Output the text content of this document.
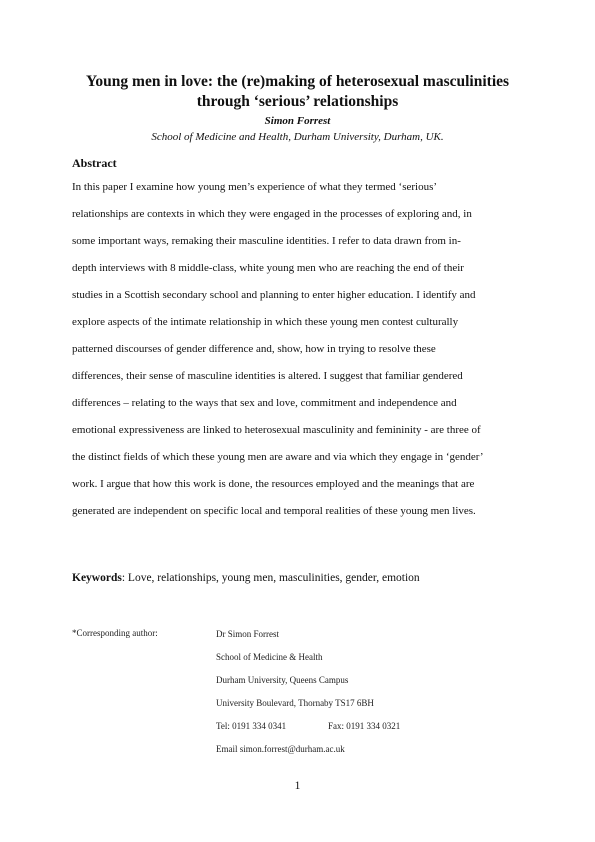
Young men in love: the (re)making of heterosexual masculinities
through ‘serious’ relationships
Simon Forrest
School of Medicine and Health, Durham University, Durham, UK.
Abstract
In this paper I examine how young men’s experience of what they termed ‘serious’
relationships are contexts in which they were engaged in the processes of exploring and, in
some important ways, remaking their masculine identities. I refer to data drawn from in-
depth interviews with 8 middle-class, white young men who are reaching the end of their
studies in a Scottish secondary school and planning to enter higher education. I identify and
explore aspects of the intimate relationship in which these young men contest culturally
patterned discourses of gender difference and, show, how in trying to resolve these
differences, their sense of masculine identities is altered. I suggest that familiar gendered
differences – relating to the ways that sex and love, commitment and independence and
emotional expressiveness are linked to heterosexual masculinity and femininity - are three of
the distinct fields of which these young men are aware and via which they engage in ‘gender’
work. I argue that how this work is done, the resources employed and the meanings that are
generated are independent on specific local and temporal realities of these young men lives.
Keywords: Love, relationships, young men, masculinities, gender, emotion
*Corresponding author:	Dr Simon Forrest
School of Medicine & Health
Durham University, Queens Campus
University Boulevard, Thornaby TS17 6BH
Tel: 0191 334 0341	Fax: 0191 334 0321
Email simon.forrest@durham.ac.uk
1
